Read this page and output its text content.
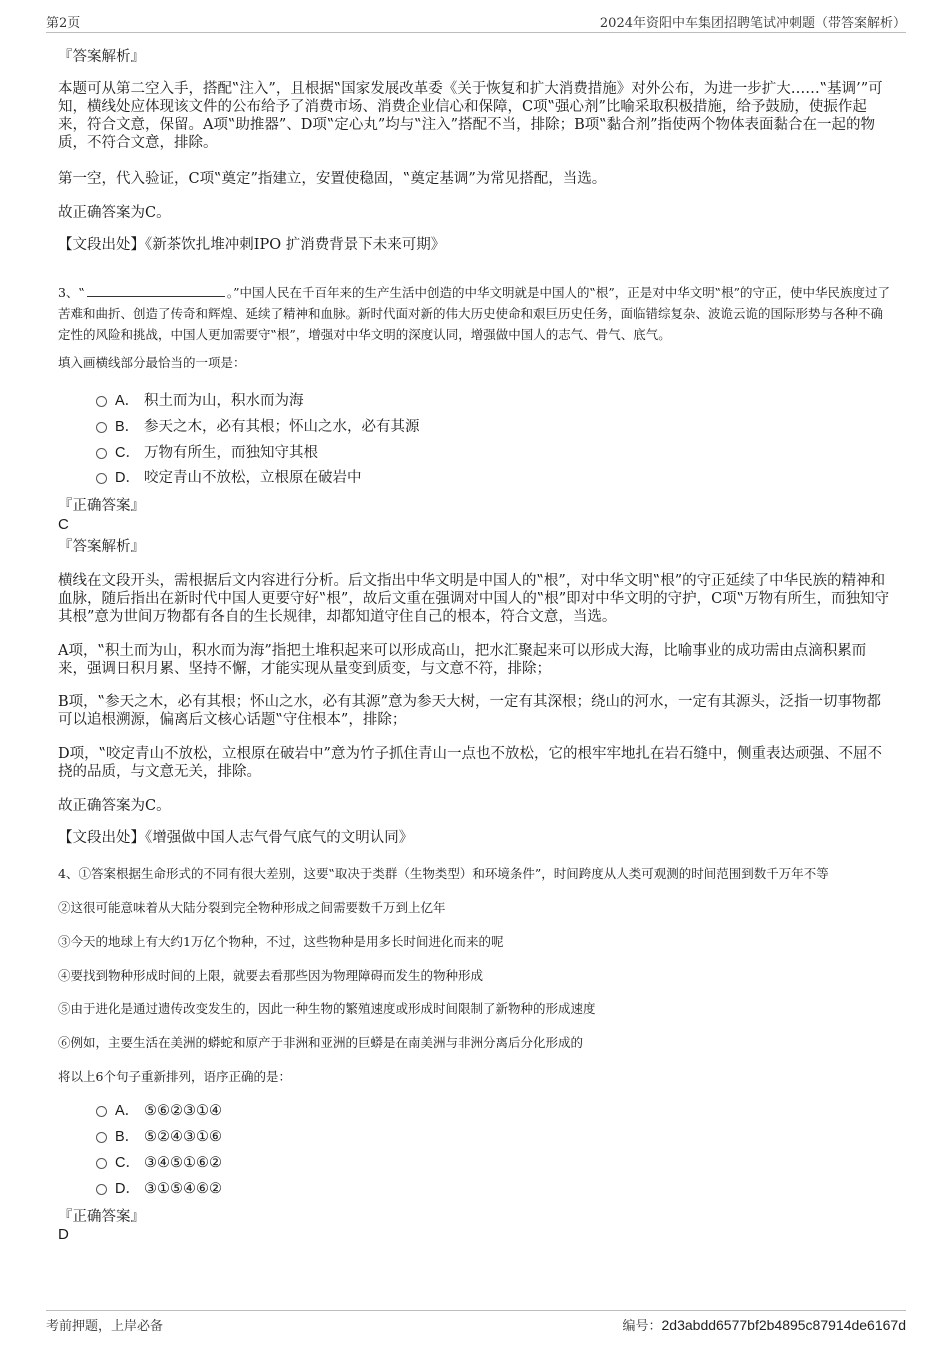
第2页	2024年资阳中车集团招聘笔试冲刺题（带答案解析）

『答案解析』

本题可从第二空入手，搭配‟注入”，且根据‟国家发展改革委《关于恢复和扩大消费措施》对外公布，为进一步扩大……‟基调’”可知，横线处应体现该文件的公布给予了消费市场、消费企业信心和保障，C项‟强心剂”比喻采取积极措施，给予鼓励，使振作起来，符合文意，保留。A项‟助推器”、D项‟定心丸”均与‟注入”搭配不当，排除；B项‟黏合剂”指使两个物体表面黏合在一起的物质，不符合文意，排除。

第一空，代入验证，C项‟奠定”指建立，安置使稳固，‟奠定基调”为常见搭配，当选。

故正确答案为C。

【文段出处】《新茶饮扎堆冲刺IPO 扩消费背景下未来可期》

3、‟	。”中国人民在千百年来的生产生活中创造的中华文明就是中国人的‟根”，正是对中华文明‟根”的守正，使中华民族度过了苦难和曲折、创造了传奇和辉煌、延续了精神和血脉。新时代面对新的伟大历史使命和艰巨历史任务，面临错综复杂、波诡云诡的国际形势与各种不确定性的风险和挑战，中国人更加需要守‟根”，增强对中华文明的深度认同，增强做中国人的志气、骨气、底气。

填入画横线部分最恰当的一项是：

A． 积土而为山，积水而为海
B． 参天之木，必有其根；怀山之水，必有其源
C． 万物有所生，而独知守其根
D． 咬定青山不放松，立根原在破岩中

『正确答案』

C

『答案解析』

横线在文段开头，需根据后文内容进行分析。后文指出中华文明是中国人的‟根”，对中华文明‟根”的守正延续了中华民族的精神和血脉，随后指出在新时代中国人更要守好‟根”，故后文重在强调对中国人的‟根”即对中华文明的守护，C项‟万物有所生，而独知守其根”意为世间万物都有各自的生长规律，却都知道守住自己的根本，符合文意，当选。

A项，‟积土而为山，积水而为海”指把土堆积起来可以形成高山，把水汇聚起来可以形成大海，比喻事业的成功需由点滴积累而来，强调日积月累、坚持不懈，才能实现从量变到质变，与文意不符，排除；

B项，‟参天之木，必有其根；怀山之水，必有其源”意为参天大树，一定有其深根；绕山的河水，一定有其源头，泛指一切事物都可以追根溯源，偏离后文核心话题‟守住根本”，排除；

D项，‟咬定青山不放松，立根原在破岩中”意为竹子抓住青山一点也不放松，它的根牢牢地扎在岩石缝中，侧重表达顽强、不屈不挠的品质，与文意无关，排除。

故正确答案为C。

【文段出处】《增强做中国人志气骨气底气的文明认同》

4、①答案根据生命形式的不同有很大差别，这要‟取决于类群（生物类型）和环境条件”，时间跨度从人类可观测的时间范围到数千万年不等

②这很可能意味着从大陆分裂到完全物种形成之间需要数千万到上亿年

③今天的地球上有大约1万亿个物种，不过，这些物种是用多长时间进化而来的呢

④要找到物种形成时间的上限，就要去看那些因为物理障碍而发生的物种形成

⑤由于进化是通过遗传改变发生的，因此一种生物的繁殖速度或形成时间限制了新物种的形成速度

⑥例如，主要生活在美洲的蟒蛇和原产于非洲和亚洲的巨蟒是在南美洲与非洲分离后分化形成的

将以上6个句子重新排列，语序正确的是：

A． ⑤⑥②③①④
B． ⑤②④③①⑥
C． ③④⑤①⑥②
D． ③①⑤④⑥②

『正确答案』

D

考前押题，上岸必备	编号：2d3abdd6577bf2b4895c87914de6167d
